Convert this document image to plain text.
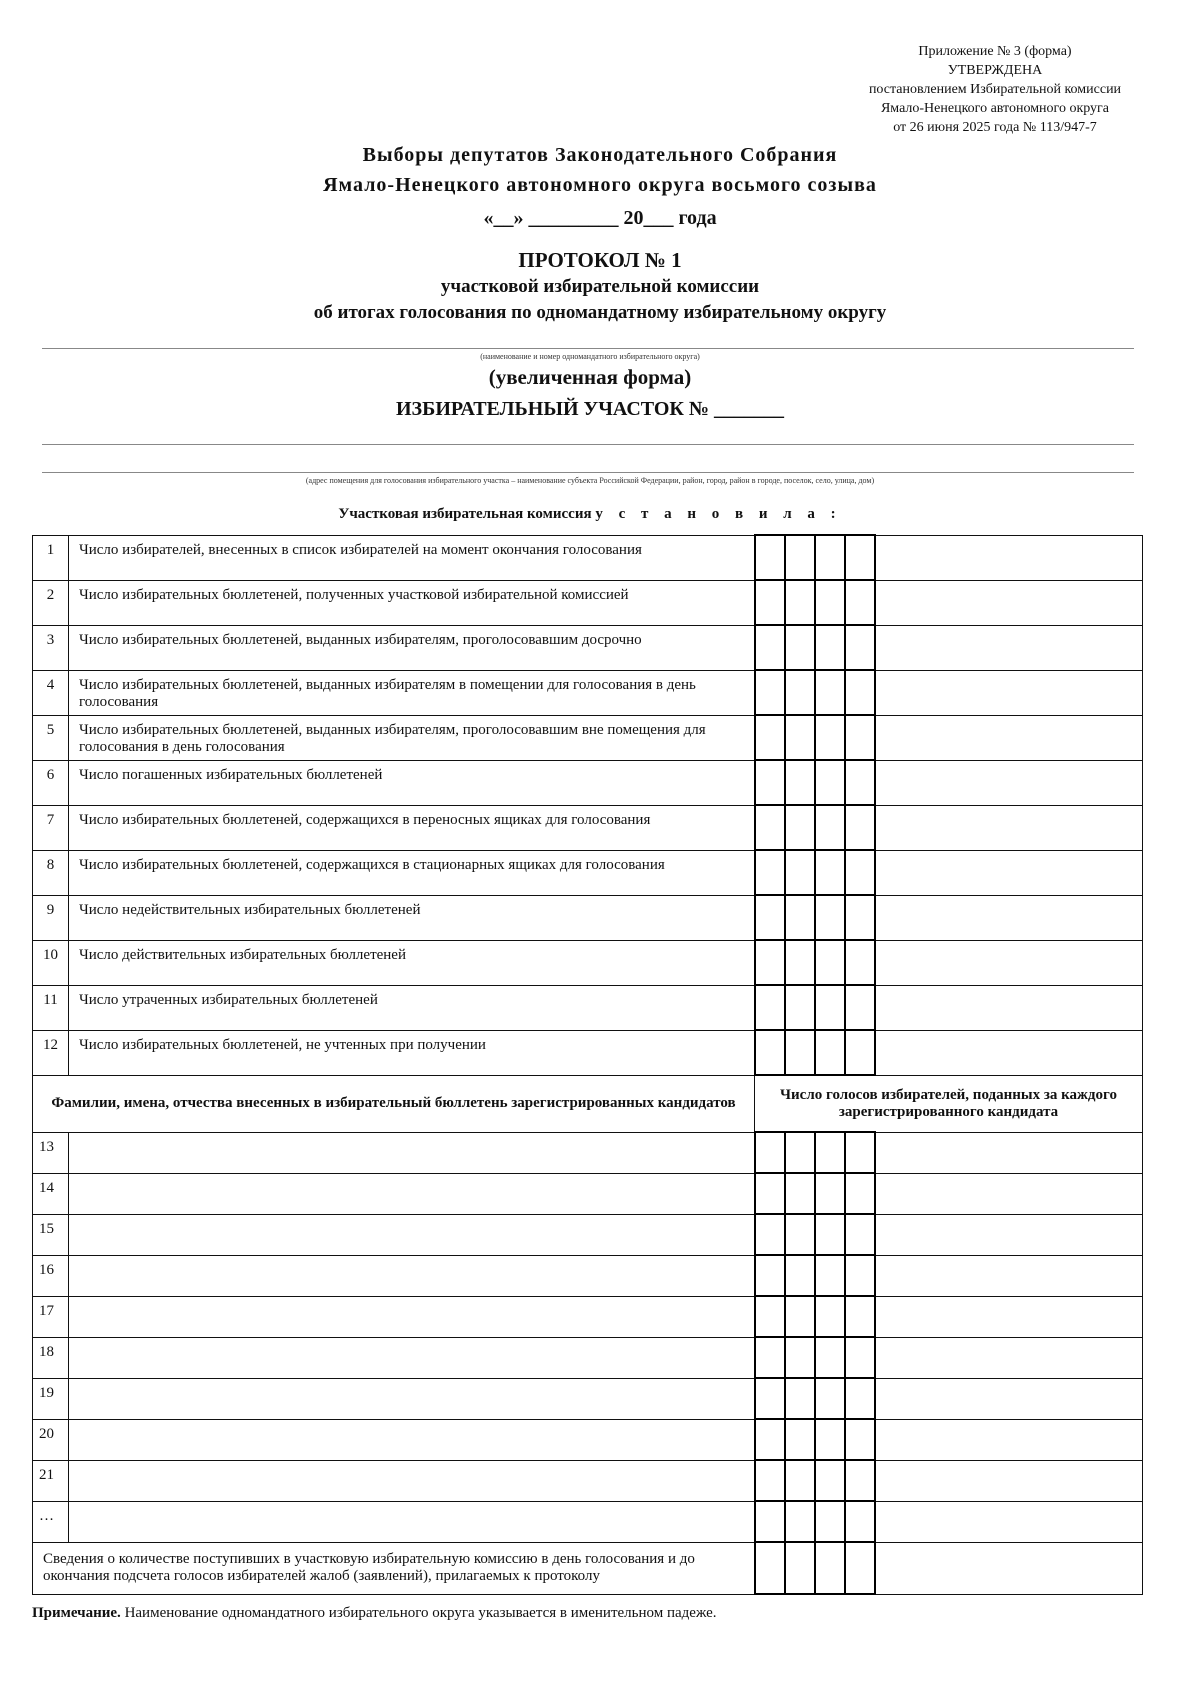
Приложение № 3 (форма)
УТВЕРЖДЕНА
постановлением Избирательной комиссии
Ямало-Ненецкого автономного округа
от 26 июня 2025 года № 113/947-7
Выборы депутатов Законодательного Собрания
Ямало-Ненецкого автономного округа восьмого созыва
«__» _________ 20___ года
ПРОТОКОЛ № 1
участковой избирательной комиссии
об итогах голосования по одномандатному избирательному округу
(наименование и номер одномандатного избирательного округа)
(увеличенная форма)
ИЗБИРАТЕЛЬНЫЙ УЧАСТОК № _______
(адрес помещения для голосования избирательного участка – наименование субъекта Российской Федерации, район, город, район в городе, поселок, село, улица, дом)
Участковая избирательная комиссия у с т а н о в и л а :
1	Число избирателей, внесенных в список избирателей на момент окончания голосования					
2	Число избирательных бюллетеней, полученных участковой избирательной комиссией					
3	Число избирательных бюллетеней, выданных избирателям, проголосовавшим досрочно					
4	Число избирательных бюллетеней, выданных избирателям в помещении для голосования в день голосования					
5	Число избирательных бюллетеней, выданных избирателям, проголосовавшим вне помещения для голосования в день голосования					
6	Число погашенных избирательных бюллетеней					
7	Число избирательных бюллетеней, содержащихся в переносных ящиках для голосования					
8	Число избирательных бюллетеней, содержащихся в стационарных ящиках для голосования					
9	Число недействительных избирательных бюллетеней					
10	Число действительных избирательных бюллетеней					
11	Число утраченных избирательных бюллетеней					
12	Число избирательных бюллетеней, не учтенных при получении					
Фамилии, имена, отчества внесенных в избирательный бюллетень зарегистрированных кандидатов		Число голосов избирателей, поданных за каждого зарегистрированного кандидата				
13						
14						
15						
16						
17						
18						
19						
20						
21						
…						
Сведения о количестве поступивших в участковую избирательную комиссию в день голосования и до окончания подсчета голосов избирателей жалоб (заявлений), прилагаемых к протоколу						
Примечание. Наименование одномандатного избирательного округа указывается в именительном падеже.
